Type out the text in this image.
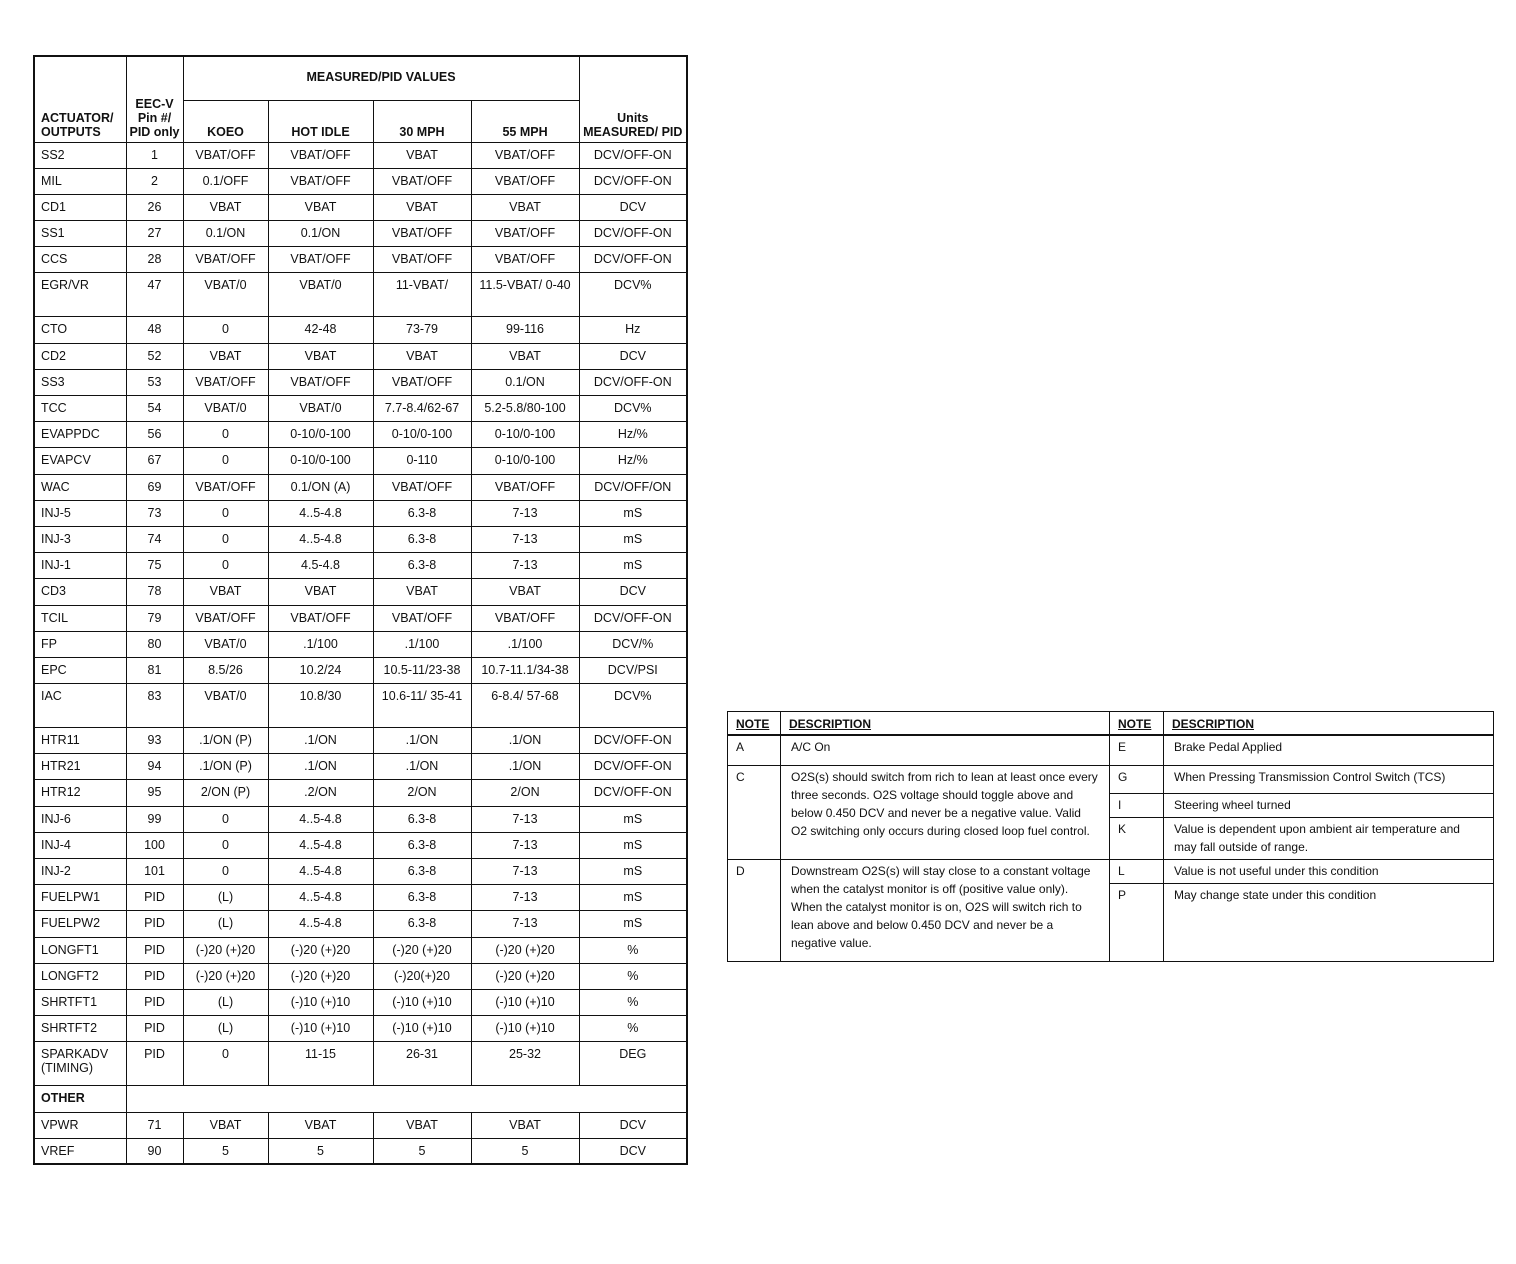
ACTUATOR/ OUTPUTS	EEC-V Pin #/ PID only	MEASURED/PID VALUES				Units MEASURED/ PID
		KOEO	HOT IDLE	30 MPH	55 MPH	
SS2	1	VBAT/OFF	VBAT/OFF	VBAT	VBAT/OFF	DCV/OFF-ON
MIL	2	0.1/OFF	VBAT/OFF	VBAT/OFF	VBAT/OFF	DCV/OFF-ON
CD1	26	VBAT	VBAT	VBAT	VBAT	DCV
SS1	27	0.1/ON	0.1/ON	VBAT/OFF	VBAT/OFF	DCV/OFF-ON
CCS	28	VBAT/OFF	VBAT/OFF	VBAT/OFF	VBAT/OFF	DCV/OFF-ON
EGR/VR	47	VBAT/0	VBAT/0	11-VBAT/	11.5-VBAT/ 0-40	DCV%
CTO	48	0	42-48	73-79	99-116	Hz
CD2	52	VBAT	VBAT	VBAT	VBAT	DCV
SS3	53	VBAT/OFF	VBAT/OFF	VBAT/OFF	0.1/ON	DCV/OFF-ON
TCC	54	VBAT/0	VBAT/0	7.7-8.4/62-67	5.2-5.8/80-100	DCV%
EVAPPDC	56	0	0-10/0-100	0-10/0-100	0-10/0-100	Hz/%
EVAPCV	67	0	0-10/0-100	0-110	0-10/0-100	Hz/%
WAC	69	VBAT/OFF	0.1/ON (A)	VBAT/OFF	VBAT/OFF	DCV/OFF/ON
INJ-5	73	0	4..5-4.8	6.3-8	7-13	mS
INJ-3	74	0	4..5-4.8	6.3-8	7-13	mS
INJ-1	75	0	4.5-4.8	6.3-8	7-13	mS
CD3	78	VBAT	VBAT	VBAT	VBAT	DCV
TCIL	79	VBAT/OFF	VBAT/OFF	VBAT/OFF	VBAT/OFF	DCV/OFF-ON
FP	80	VBAT/0	.1/100	.1/100	.1/100	DCV/%
EPC	81	8.5/26	10.2/24	10.5-11/23-38	10.7-11.1/34-38	DCV/PSI
IAC	83	VBAT/0	10.8/30	10.6-11/ 35-41	6-8.4/ 57-68	DCV%
HTR11	93	.1/ON (P)	.1/ON	.1/ON	.1/ON	DCV/OFF-ON
HTR21	94	.1/ON (P)	.1/ON	.1/ON	.1/ON	DCV/OFF-ON
HTR12	95	2/ON (P)	.2/ON	2/ON	2/ON	DCV/OFF-ON
INJ-6	99	0	4..5-4.8	6.3-8	7-13	mS
INJ-4	100	0	4..5-4.8	6.3-8	7-13	mS
INJ-2	101	0	4..5-4.8	6.3-8	7-13	mS
FUELPW1	PID	(L)	4..5-4.8	6.3-8	7-13	mS
FUELPW2	PID	(L)	4..5-4.8	6.3-8	7-13	mS
LONGFT1	PID	(-)20 (+)20	(-)20 (+)20	(-)20 (+)20	(-)20 (+)20	%
LONGFT2	PID	(-)20 (+)20	(-)20 (+)20	(-)20(+)20	(-)20 (+)20	%
SHRTFT1	PID	(L)	(-)10 (+)10	(-)10 (+)10	(-)10 (+)10	%
SHRTFT2	PID	(L)	(-)10 (+)10	(-)10 (+)10	(-)10 (+)10	%
SPARKADV (TIMING)	PID	0	11-15	26-31	25-32	DEG
OTHER						
VPWR	71	VBAT	VBAT	VBAT	VBAT	DCV
VREF	90	5	5	5	5	DCV
NOTE	DESCRIPTION	NOTE	DESCRIPTION
A	A/C On	E	Brake Pedal Applied
C	O2S(s) should switch from rich to lean at least once every three seconds. O2S voltage should toggle above and below 0.450 DCV and never be a negative value. Valid O2 switching only occurs during closed loop fuel control.	G	When Pressing Transmission Control Switch (TCS)
		I	Steering wheel turned
		K	Value is dependent upon ambient air temperature and may fall outside of range.
D	Downstream O2S(s) will stay close to a constant voltage when the catalyst monitor is off (positive value only). When the catalyst monitor is on, O2S will switch rich to lean above and below 0.450 DCV and never be a negative value.	L	Value is not useful under this condition
		P	May change state under this condition
